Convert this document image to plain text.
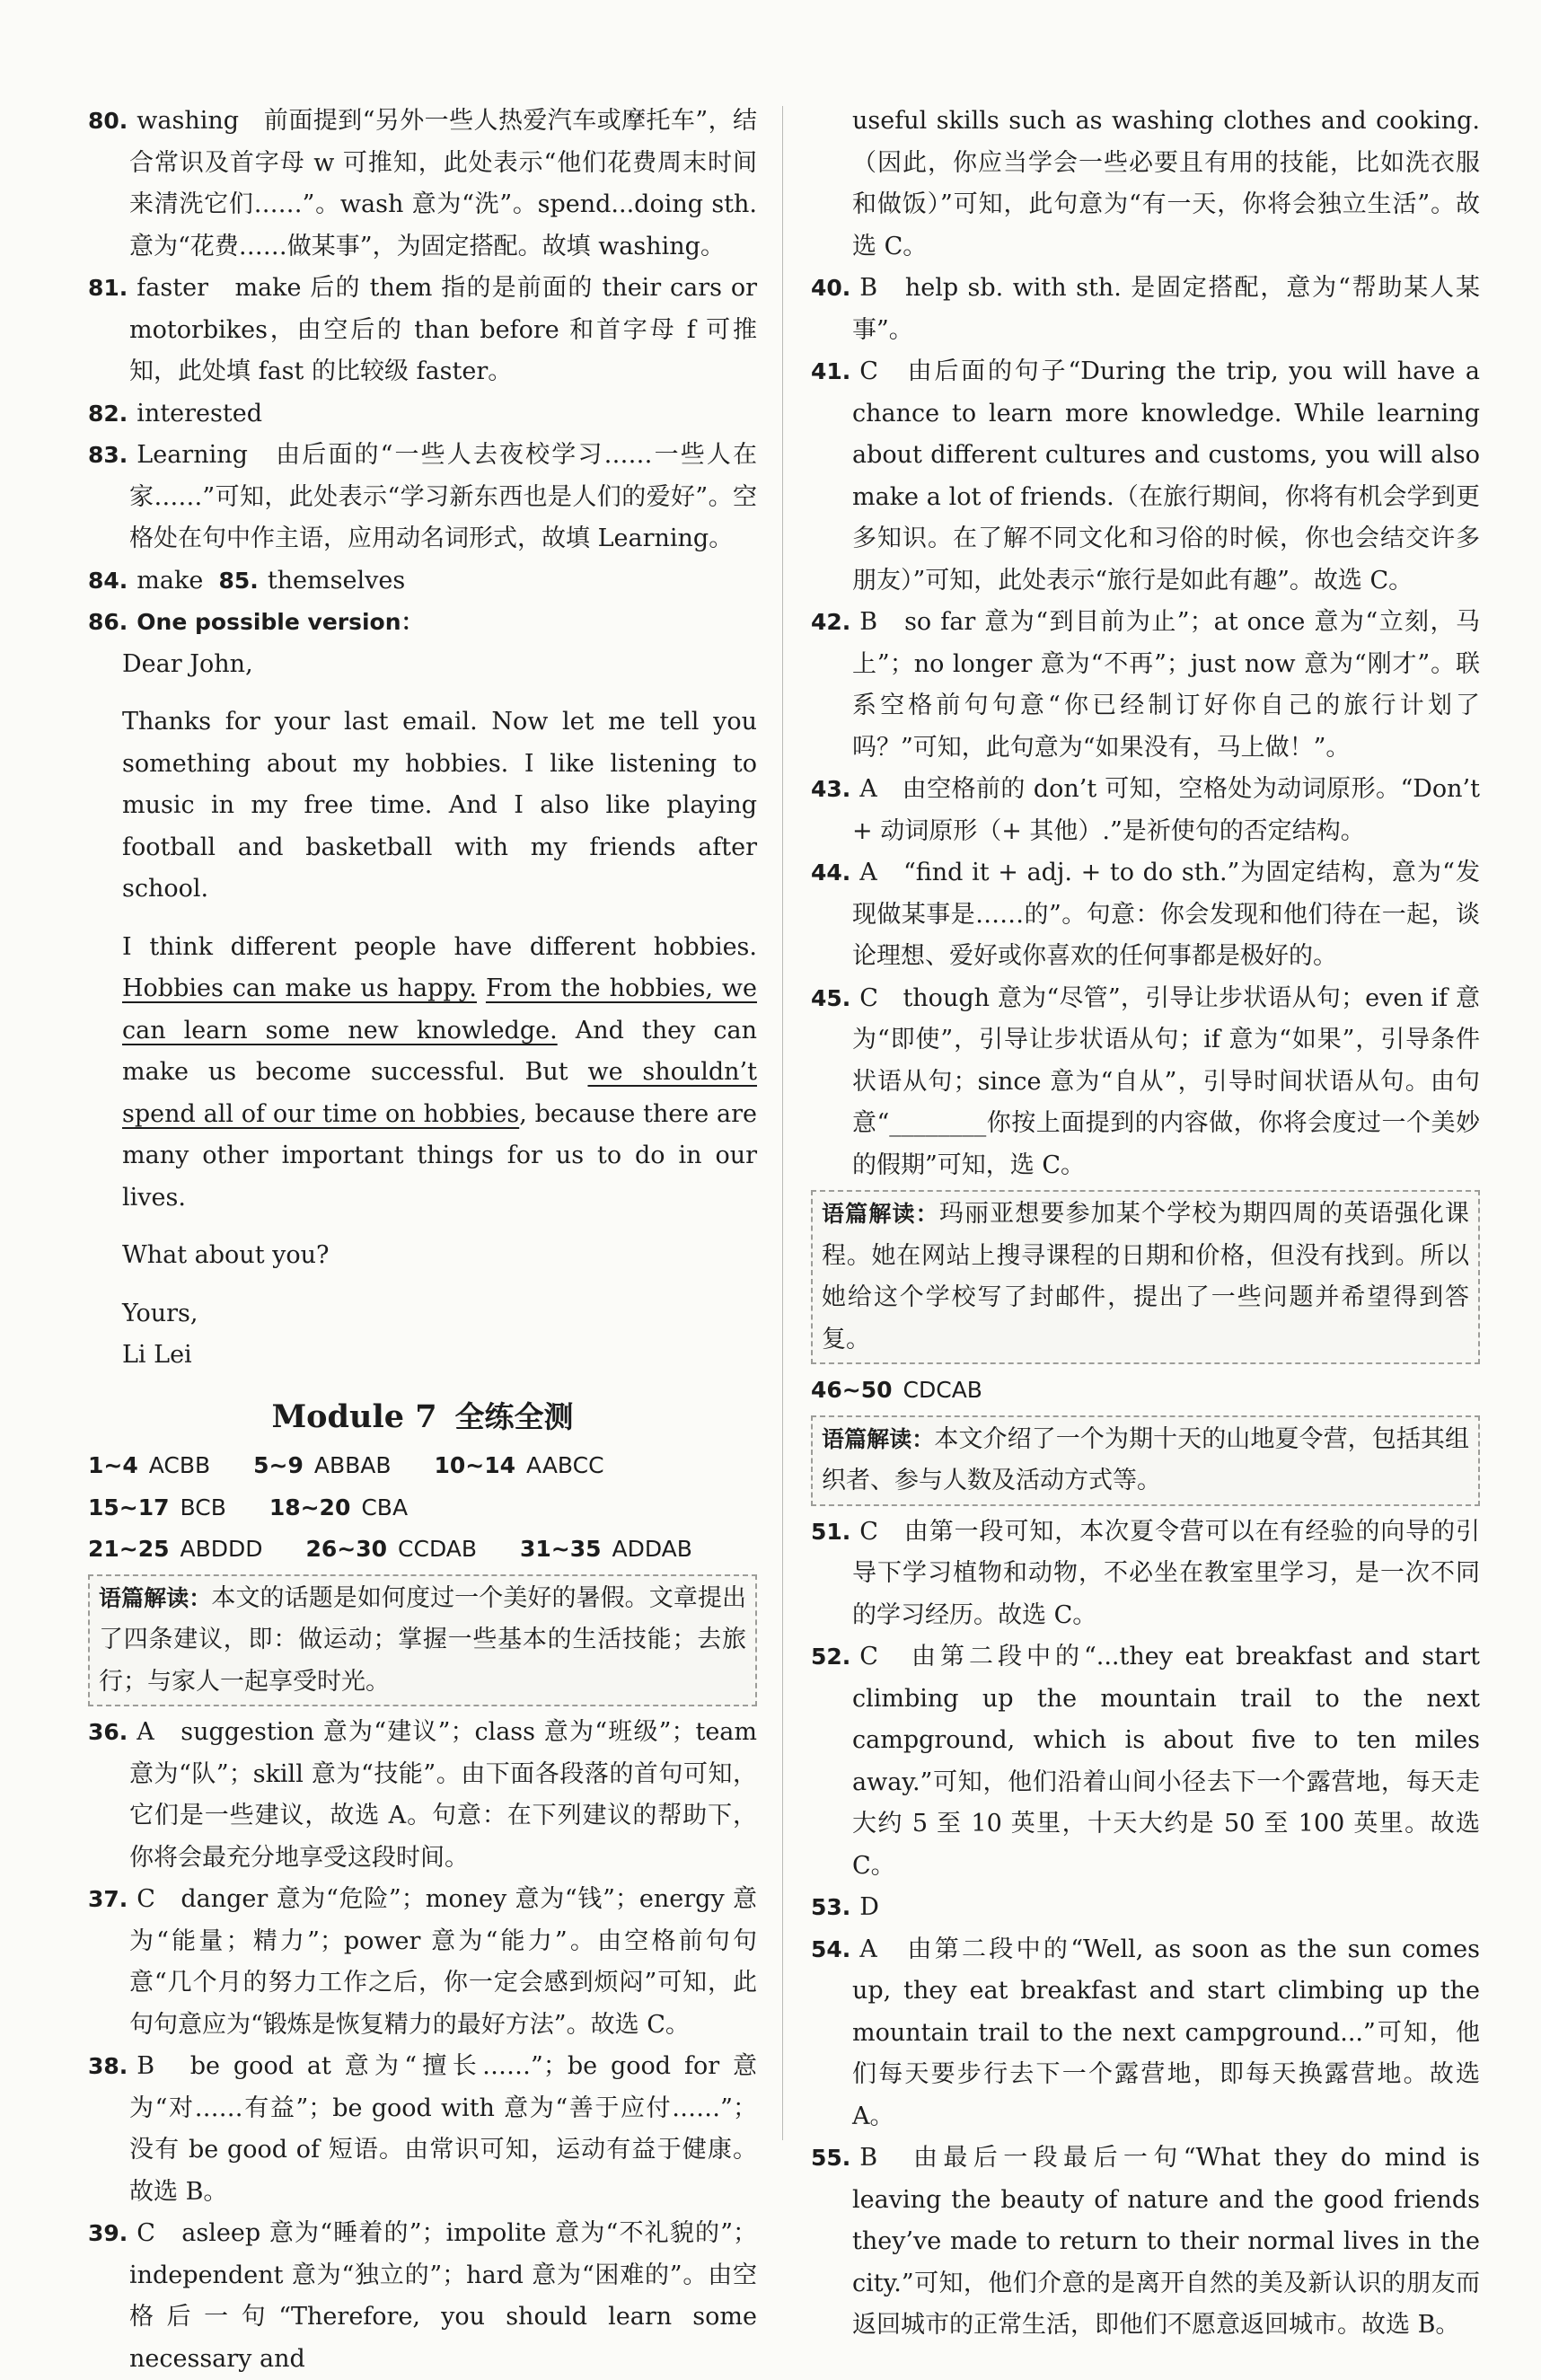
80. washing　前面提到“另外一些人热爱汽车或摩托车”，结合常识及首字母 w 可推知，此处表示“他们花费周末时间来清洗它们……”。wash 意为“洗”。spend...doing sth. 意为“花费……做某事”，为固定搭配。故填 washing。

81. faster　make 后的 them 指的是前面的 their cars or motorbikes，由空后的 than before 和首字母 f 可推知，此处填 fast 的比较级 faster。

82. interested

83. Learning　由后面的“一些人去夜校学习……一些人在家……”可知，此处表示“学习新东西也是人们的爱好”。空格处在句中作主语，应用动名词形式，故填 Learning。

84. make 85. themselves

86. One possible version：

Dear John,

Thanks for your last email. Now let me tell you something about my hobbies. I like listening to music in my free time. And I also like playing football and basketball with my friends after school.

I think different people have different hobbies. Hobbies can make us happy. From the hobbies, we can learn some new knowledge. And they can make us become successful. But we shouldn’t spend all of our time on hobbies, because there are many other important things for us to do in our lives.

What about you?

Yours,

Li Lei

Module 7 全练全测

1~4 ACBB 5~9 ABBAB 10~14 AABCC

15~17 BCB 18~20 CBA

21~25 ABDDD 26~30 CCDAB 31~35 ADDAB

语篇解读：本文的话题是如何度过一个美好的暑假。文章提出了四条建议，即：做运动；掌握一些基本的生活技能；去旅行；与家人一起享受时光。

36. A　suggestion 意为“建议”；class 意为“班级”；team 意为“队”；skill 意为“技能”。由下面各段落的首句可知，它们是一些建议，故选 A。句意：在下列建议的帮助下，你将会最充分地享受这段时间。

37. C　danger 意为“危险”；money 意为“钱”；energy 意为“能量；精力”；power 意为“能力”。由空格前句句意“几个月的努力工作之后，你一定会感到烦闷”可知，此句句意应为“锻炼是恢复精力的最好方法”。故选 C。

38. B　be good at 意为“擅长……”；be good for 意为“对……有益”；be good with 意为“善于应付……”；没有 be good of 短语。由常识可知，运动有益于健康。故选 B。

39. C　asleep 意为“睡着的”；impolite 意为“不礼貌的”；independent 意为“独立的”；hard 意为“困难的”。由空格后一句“Therefore, you should learn some necessary and

useful skills such as washing clothes and cooking.（因此，你应当学会一些必要且有用的技能，比如洗衣服和做饭）”可知，此句意为“有一天，你将会独立生活”。故选 C。

40. B　help sb. with sth. 是固定搭配，意为“帮助某人某事”。

41. C　由后面的句子“During the trip, you will have a chance to learn more knowledge. While learning about different cultures and customs, you will also make a lot of friends.（在旅行期间，你将有机会学到更多知识。在了解不同文化和习俗的时候，你也会结交许多朋友）”可知，此处表示“旅行是如此有趣”。故选 C。

42. B　so far 意为“到目前为止”；at once 意为“立刻，马上”；no longer 意为“不再”；just now 意为“刚才”。联系空格前句句意“你已经制订好你自己的旅行计划了吗？”可知，此句意为“如果没有，马上做！”。

43. A　由空格前的 don’t 可知，空格处为动词原形。“Don’t + 动词原形（+ 其他）.”是祈使句的否定结构。

44. A　“find it + adj. + to do sth.”为固定结构，意为“发现做某事是……的”。句意：你会发现和他们待在一起，谈论理想、爱好或你喜欢的任何事都是极好的。

45. C　though 意为“尽管”，引导让步状语从句；even if 意为“即使”，引导让步状语从句；if 意为“如果”，引导条件状语从句；since 意为“自从”，引导时间状语从句。由句意“________你按上面提到的内容做，你将会度过一个美妙的假期”可知，选 C。

语篇解读：玛丽亚想要参加某个学校为期四周的英语强化课程。她在网站上搜寻课程的日期和价格，但没有找到。所以她给这个学校写了封邮件，提出了一些问题并希望得到答复。

46~50 CDCAB

语篇解读：本文介绍了一个为期十天的山地夏令营，包括其组织者、参与人数及活动方式等。

51. C　由第一段可知，本次夏令营可以在有经验的向导的引导下学习植物和动物，不必坐在教室里学习，是一次不同的学习经历。故选 C。

52. C　由第二段中的“...they eat breakfast and start climbing up the mountain trail to the next campground, which is about five to ten miles away.”可知，他们沿着山间小径去下一个露营地，每天走大约 5 至 10 英里，十天大约是 50 至 100 英里。故选 C。

53. D

54. A　由第二段中的“Well, as soon as the sun comes up, they eat breakfast and start climbing up the mountain trail to the next campground...”可知，他们每天要步行去下一个露营地，即每天换露营地。故选 A。

55. B　由最后一段最后一句“What they do mind is leaving the beauty of nature and the good friends they’ve made to return to their normal lives in the city.”可知，他们介意的是离开自然的美及新认识的朋友而返回城市的正常生活，即他们不愿意返回城市。故选 B。
